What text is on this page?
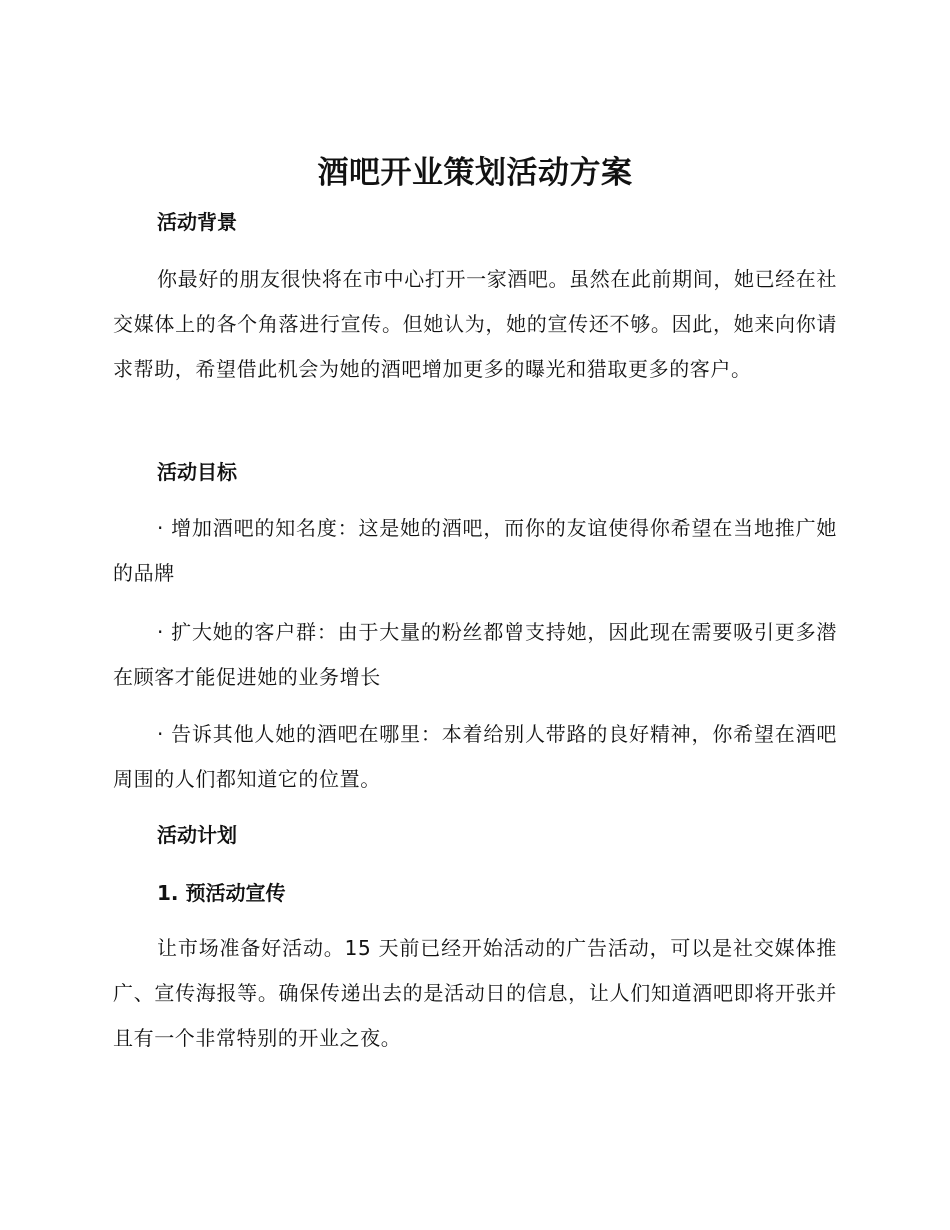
酒吧开业策划活动方案
活动背景
你最好的朋友很快将在市中心打开一家酒吧。虽然在此前期间，她已经在社交媒体上的各个角落进行宣传。但她认为，她的宣传还不够。因此，她来向你请求帮助，希望借此机会为她的酒吧增加更多的曝光和猎取更多的客户。
活动目标
· 增加酒吧的知名度：这是她的酒吧，而你的友谊使得你希望在当地推广她的品牌
· 扩大她的客户群：由于大量的粉丝都曾支持她，因此现在需要吸引更多潜在顾客才能促进她的业务增长
· 告诉其他人她的酒吧在哪里：本着给别人带路的良好精神，你希望在酒吧周围的人们都知道它的位置。
活动计划
1. 预活动宣传
让市场准备好活动。15 天前已经开始活动的广告活动，可以是社交媒体推广、宣传海报等。确保传递出去的是活动日的信息，让人们知道酒吧即将开张并且有一个非常特别的开业之夜。
